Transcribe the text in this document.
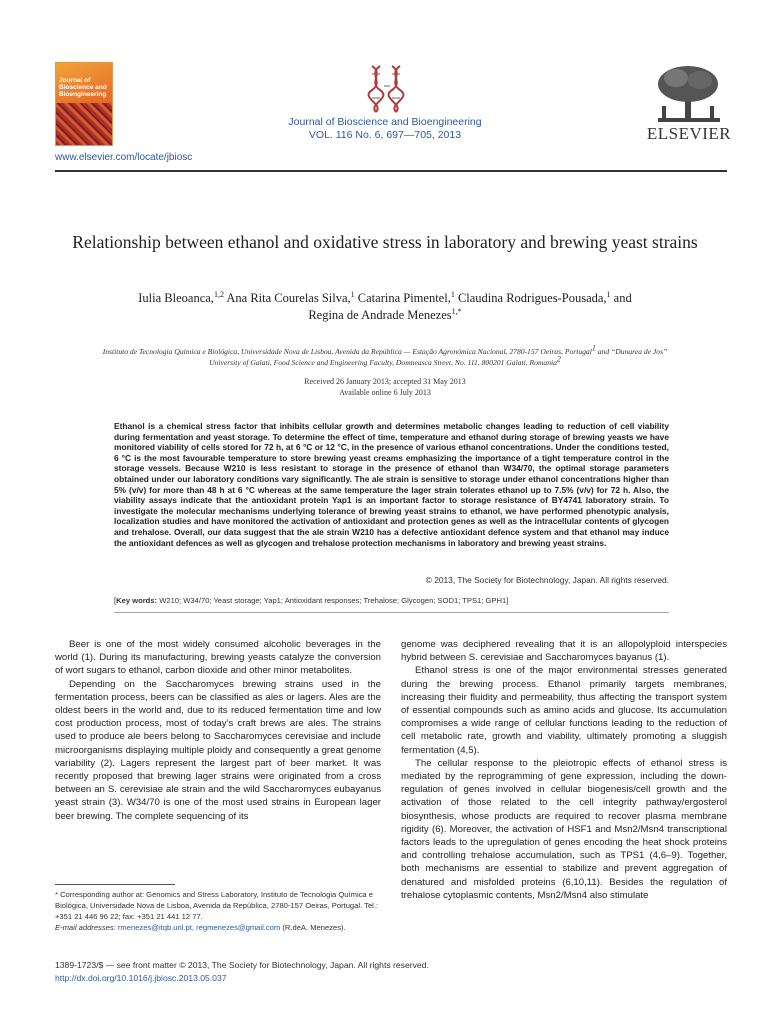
Journal of Bioscience and Bioengineering
Journal of Bioscience and Bioengineering
VOL. 116 No. 6, 697—705, 2013	ELSEVIER
www.elsevier.com/locate/jbiosc
Relationship between ethanol and oxidative stress in laboratory and brewing yeast strains
Iulia Bleoanca,$^{1,2}$ Ana Rita Courelas Silva,$^1$ Catarina Pimentel,$^1$ Claudina Rodrigues-Pousada,$^1$ and
Regina de Andrade Menezes$^{1,*}$
Instituto de Tecnologia Química e Biológica, Universidade Nova de Lisboa, Avenida da República — Estação Agronómica Nacional, 2780-157 Oeiras, Portugal$^1$ and “Dunarea de Jos”
University of Galati, Food Science and Engineering Faculty, Domneasca Street, No. 111, 800201 Galati, Romania$^2$
Received 26 January 2013; accepted 31 May 2013
Available online 6 July 2013
Ethanol is a chemical stress factor that inhibits cellular growth and determines metabolic changes leading to reduction of cell viability during fermentation and yeast storage. To determine the effect of time, temperature and ethanol during storage of brewing yeasts we have monitored viability of cells stored for 72 h, at 6 °C or 12 °C, in the presence of various ethanol concentrations. Under the conditions tested, 6 °C is the most favourable temperature to store brewing yeast creams emphasizing the importance of a tight temperature control in the storage vessels. Because W210 is less resistant to storage in the presence of ethanol than W34/70, the optimal storage parameters obtained under our laboratory conditions vary significantly. The ale strain is sensitive to storage under ethanol concentrations higher than 5% (v/v) for more than 48 h at 6 °C whereas at the same temperature the lager strain tolerates ethanol up to 7.5% (v/v) for 72 h. Also, the viability assays indicate that the antioxidant protein Yap1 is an important factor to storage resistance of BY4741 laboratory strain. To investigate the molecular mechanisms underlying tolerance of brewing yeast strains to ethanol, we have performed phenotypic analysis, localization studies and have monitored the activation of antioxidant and protection genes as well as the intracellular contents of glycogen and trehalose. Overall, our data suggest that the ale strain W210 has a defective antioxidant defence system and that ethanol may induce the antioxidant defences as well as glycogen and trehalose protection mechanisms in laboratory and brewing yeast strains.
© 2013, The Society for Biotechnology, Japan. All rights reserved.
[Key words: W210; W34/70; Yeast storage; Yap1; Antioxidant responses; Trehalose; Glycogen; SOD1; TPS1; GPH1]

Beer is one of the most widely consumed alcoholic beverages in the world (1). During its manufacturing, brewing yeasts catalyze the conversion of wort sugars to ethanol, carbon dioxide and other minor metabolites.

Depending on the Saccharomyces brewing strains used in the fermentation process, beers can be classified as ales or lagers. Ales are the oldest beers in the world and, due to its reduced fermentation time and low cost production process, most of today’s craft brews are ales. The strains used to produce ale beers belong to Saccharomyces cerevisiae and include microorganisms displaying multiple ploidy and consequently a great genome variability (2). Lagers represent the largest part of beer market. It was recently proposed that brewing lager strains were originated from a cross between an S. cerevisiae ale strain and the wild Saccharomyces eubayanus yeast strain (3). W34/70 is one of the most used strains in European lager beer brewing. The complete sequencing of its

genome was deciphered revealing that it is an allopolyploid interspecies hybrid between S. cerevisiae and Saccharomyces bayanus (1).

Ethanol stress is one of the major environmental stresses generated during the brewing process. Ethanol primarily targets membranes, increasing their fluidity and permeability, thus affecting the transport system of essential compounds such as amino acids and glucose. Its accumulation compromises a wide range of cellular functions leading to the reduction of cell metabolic rate, growth and viability, ultimately promoting a sluggish fermentation (4,5).

The cellular response to the pleiotropic effects of ethanol stress is mediated by the reprogramming of gene expression, including the down-regulation of genes involved in cellular biogenesis/cell growth and the activation of those related to the cell integrity pathway/ergosterol biosynthesis, whose products are required to recover plasma membrane rigidity (6). Moreover, the activation of HSF1 and Msn2/Msn4 transcriptional factors leads to the upregulation of genes encoding the heat shock proteins and controlling trehalose accumulation, such as TPS1 (4,6–9). Together, both mechanisms are essential to stabilize and prevent aggregation of denatured and misfolded proteins (6,10,11). Besides the regulation of trehalose cytoplasmic contents, Msn2/Msn4 also stimulate

* Corresponding author at: Genomics and Stress Laboratory, Instituto de Tecnologia Química e Biológica, Universidade Nova de Lisboa, Avenida da República, 2780-157 Oeiras, Portugal. Tel.: +351 21 446 96 22; fax: +351 21 441 12 77.
E-mail addresses: rmenezes@itqb.unl.pt, regmenezes@gmail.com (R.deA. Menezes).
1389-1723/$ — see front matter © 2013, The Society for Biotechnology, Japan. All rights reserved.
http://dx.doi.org/10.1016/j.jbiosc.2013.05.037
